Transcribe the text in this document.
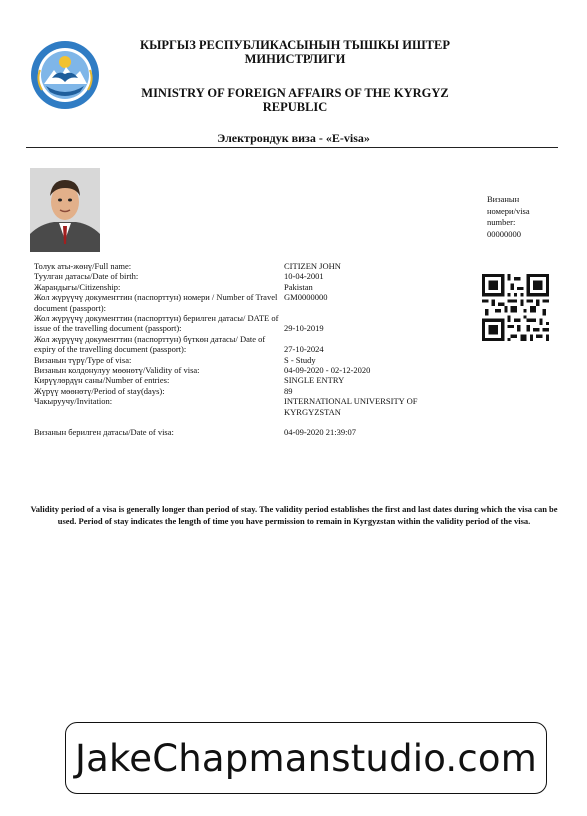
КЫРГЫЗ РЕСПУБЛИКАСЫНЫН ТЫШКЫ ИШТЕР МИНИСТРЛИГИ
MINISTRY OF FOREIGN AFFAIRS OF THE KYRGYZ REPUBLIC
Электрондук виза - «E-visa»
Визанын номери/visa number:
00000000
Толук аты-жөнү/Full name:	CITIZEN JOHN
Туулган датасы/Date of birth:	10-04-2001
Жарандыгы/Citizenship:	Pakistan
Жол жүрүүчү документтин (паспорттун) номери / Number of Travel document (passport):
GM0000000
Жол жүрүүчү документтин (паспорттун) берилген датасы/ DATE of issue of the travelling document (passport):	29-10-2019
Жол жүрүүчү документтин (паспорттун) бүткөн датасы/ Date of expiry of the travelling document (passport):	27-10-2024
Визанын түрү/Type of visa:	S - Study
Визанын колдонулуу мөөнөтү/Validity of visa:	04-09-2020 - 02-12-2020
Кирүүлөрдүн саны/Number of entries:	SINGLE ENTRY
Жүрүү мөөнөтү/Period of stay(days):	89
Чакыруучу/Invitation:	INTERNATIONAL UNIVERSITY OF KYRGYZSTAN
Визанын берилген датасы/Date of visa:	04-09-2020 21:39:07
Validity period of a visa is generally longer than period of stay. The validity period establishes the first and last dates during which the visa can be used. Period of stay indicates the length of time you have permission to remain in Kyrgyzstan within the validity period of the visa.
JakeChapmanstudio.com
